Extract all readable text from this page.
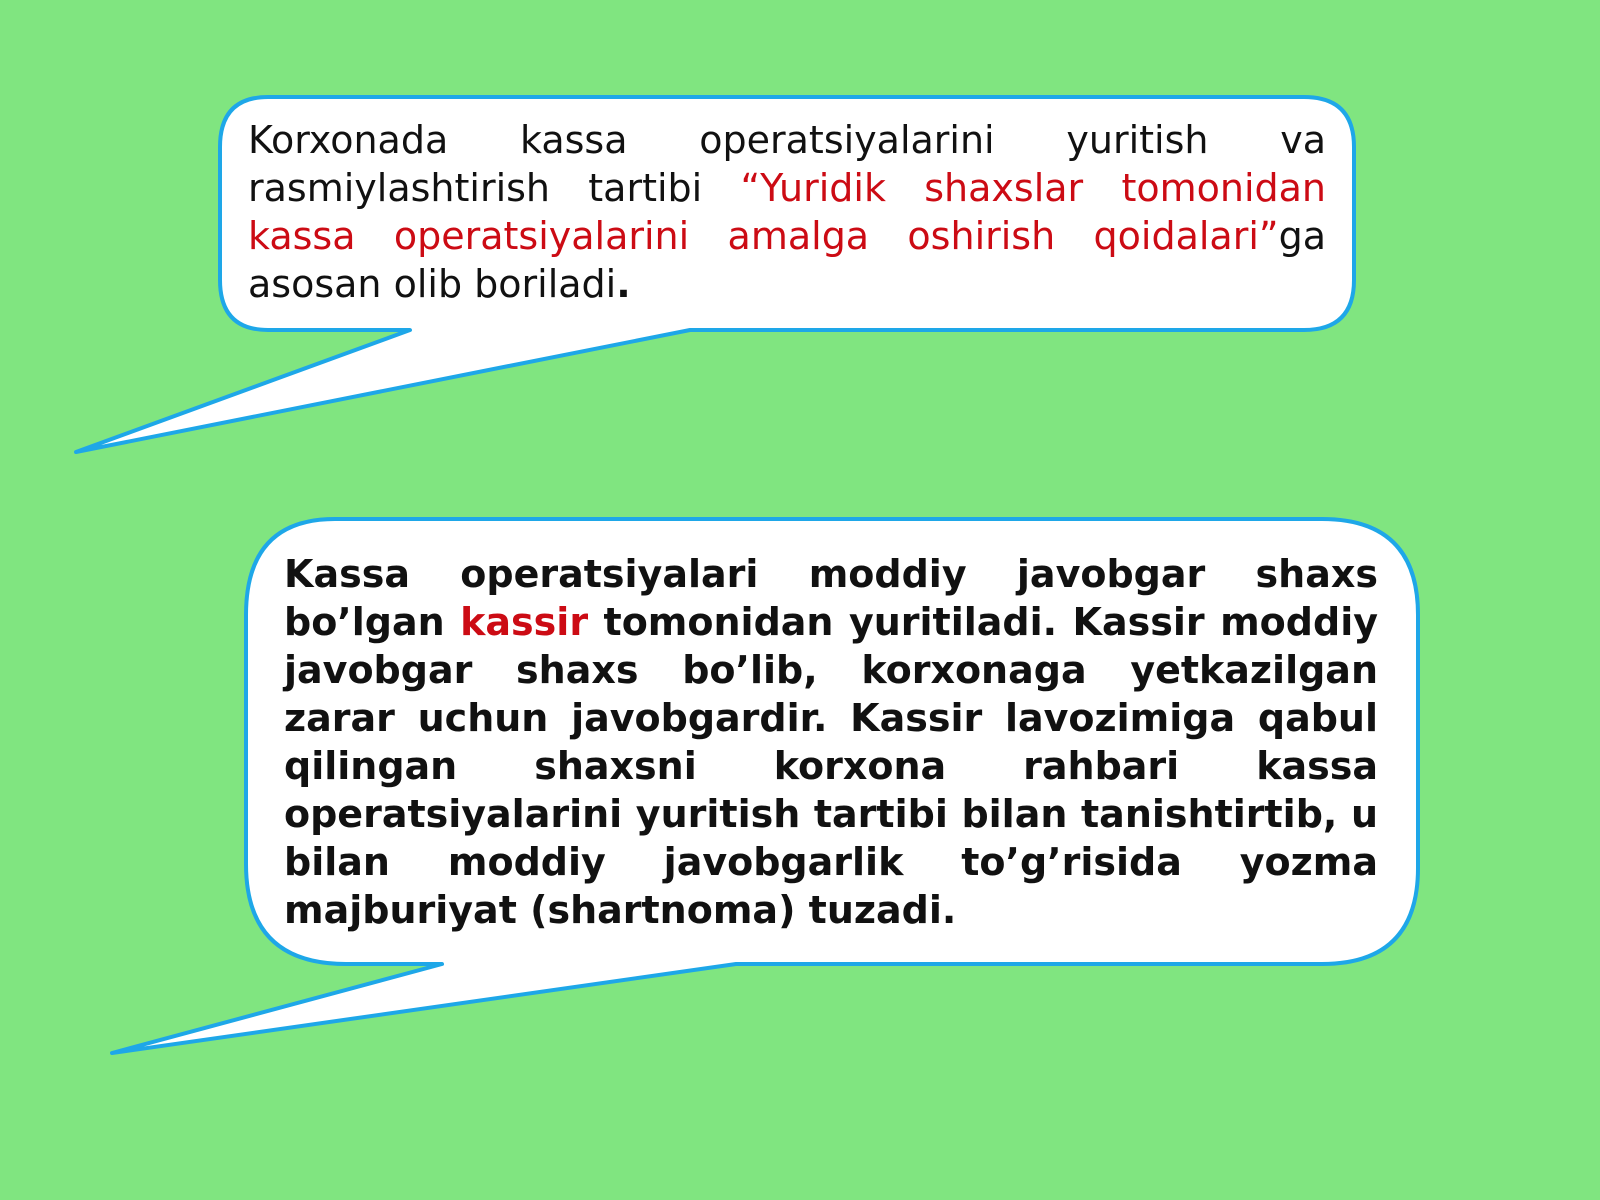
Korxonada kassa operatsiyalarini yuritish va rasmiylashtirish tartibi “Yuridik shaxslar tomonidan kassa operatsiyalarini amalga oshirish qoidalari”ga asosan olib boriladi.

Kassa operatsiyalari moddiy javobgar shaxs bo’lgan kassir tomonidan yuritiladi. Kassir moddiy javobgar shaxs bo’lib, korxonaga yetkazilgan zarar uchun javobgardir. Kassir lavozimiga qabul qilingan shaxsni korxona rahbari kassa operatsiyalarini yuritish tartibi bilan tanishtirtib, u bilan moddiy javobgarlik to’g’risida yozma majburiyat (shartnoma) tuzadi.
